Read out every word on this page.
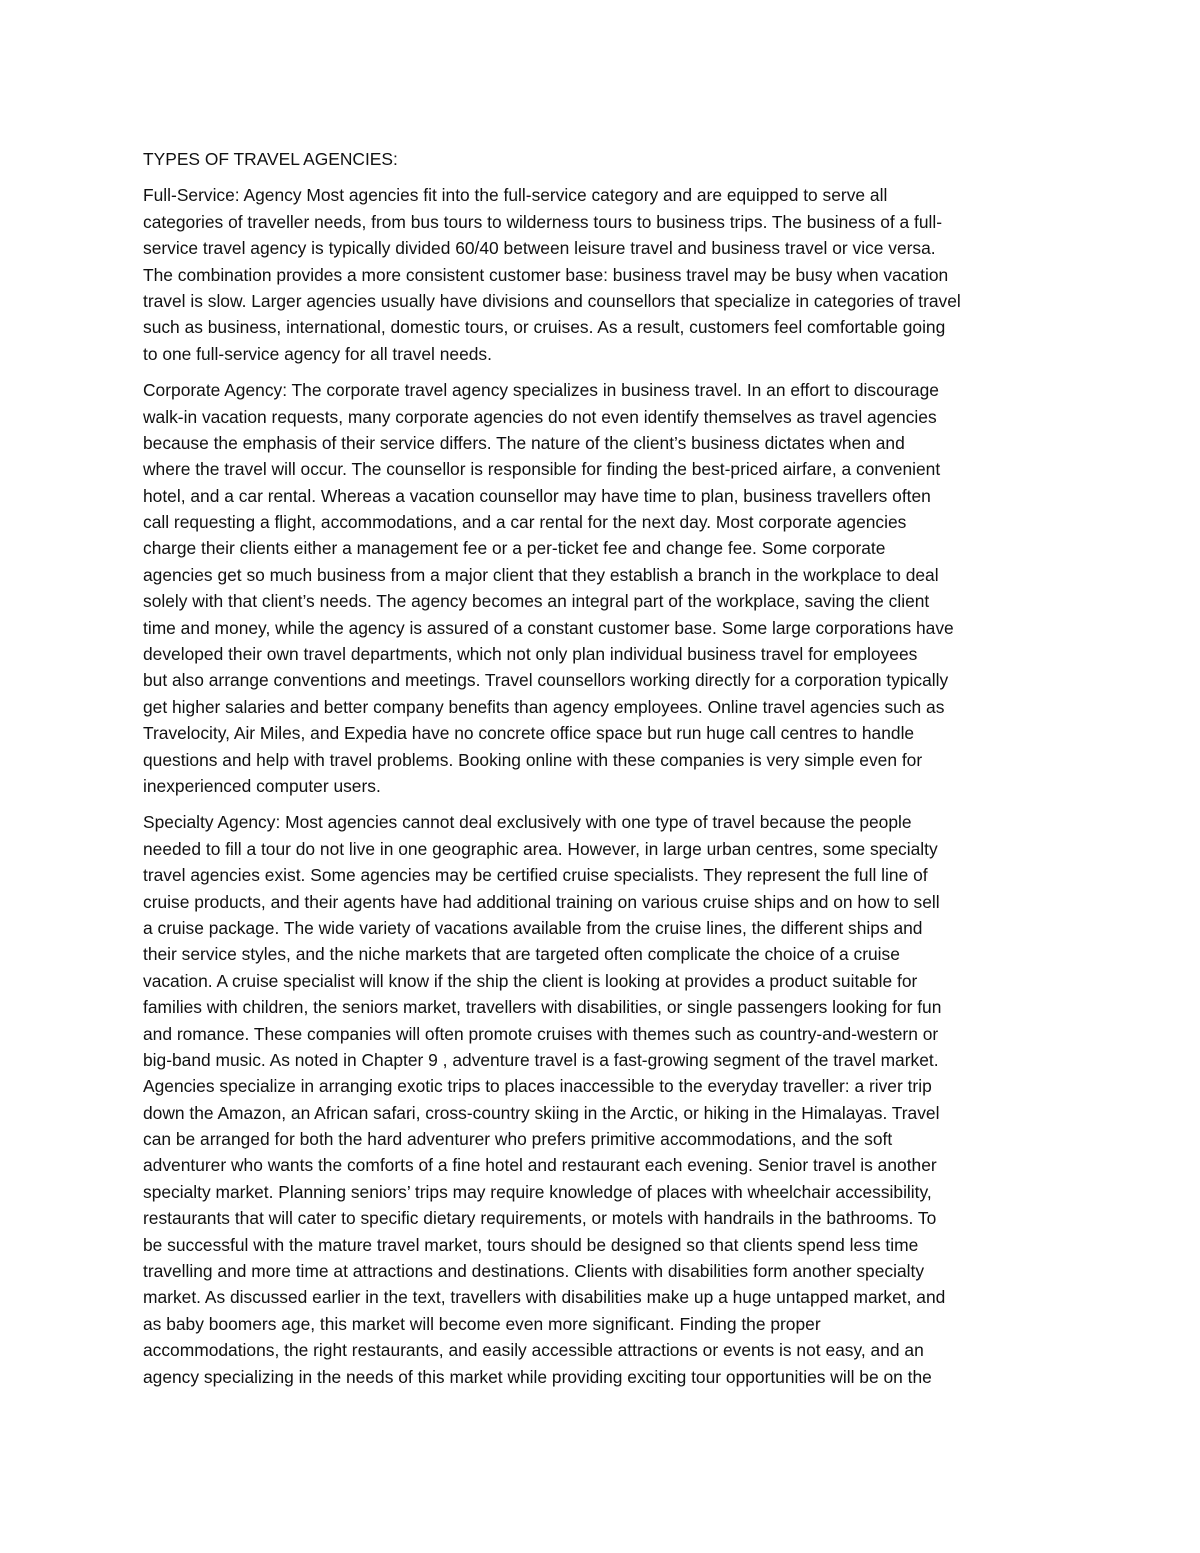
TYPES OF TRAVEL AGENCIES:
Full-Service: Agency Most agencies fit into the full-service category and are equipped to serve all
categories of traveller needs, from bus tours to wilderness tours to business trips. The business of a full-
service travel agency is typically divided 60/40 between leisure travel and business travel or vice versa.
The combination provides a more consistent customer base: business travel may be busy when vacation
travel is slow. Larger agencies usually have divisions and counsellors that specialize in categories of travel
such as business, international, domestic tours, or cruises. As a result, customers feel comfortable going
to one full-service agency for all travel needs.
Corporate Agency: The corporate travel agency specializes in business travel. In an effort to discourage
walk-in vacation requests, many corporate agencies do not even identify themselves as travel agencies
because the emphasis of their service differs. The nature of the client’s business dictates when and
where the travel will occur. The counsellor is responsible for finding the best-priced airfare, a convenient
hotel, and a car rental. Whereas a vacation counsellor may have time to plan, business travellers often
call requesting a flight, accommodations, and a car rental for the next day. Most corporate agencies
charge their clients either a management fee or a per-ticket fee and change fee. Some corporate
agencies get so much business from a major client that they establish a branch in the workplace to deal
solely with that client’s needs. The agency becomes an integral part of the workplace, saving the client
time and money, while the agency is assured of a constant customer base. Some large corporations have
developed their own travel departments, which not only plan individual business travel for employees
but also arrange conventions and meetings. Travel counsellors working directly for a corporation typically
get higher salaries and better company benefits than agency employees. Online travel agencies such as
Travelocity, Air Miles, and Expedia have no concrete office space but run huge call centres to handle
questions and help with travel problems. Booking online with these companies is very simple even for
inexperienced computer users.
Specialty Agency: Most agencies cannot deal exclusively with one type of travel because the people
needed to fill a tour do not live in one geographic area. However, in large urban centres, some specialty
travel agencies exist. Some agencies may be certified cruise specialists. They represent the full line of
cruise products, and their agents have had additional training on various cruise ships and on how to sell
a cruise package. The wide variety of vacations available from the cruise lines, the different ships and
their service styles, and the niche markets that are targeted often complicate the choice of a cruise
vacation. A cruise specialist will know if the ship the client is looking at provides a product suitable for
families with children, the seniors market, travellers with disabilities, or single passengers looking for fun
and romance. These companies will often promote cruises with themes such as country-and-western or
big-band music. As noted in Chapter 9 , adventure travel is a fast-growing segment of the travel market.
Agencies specialize in arranging exotic trips to places inaccessible to the everyday traveller: a river trip
down the Amazon, an African safari, cross-country skiing in the Arctic, or hiking in the Himalayas. Travel
can be arranged for both the hard adventurer who prefers primitive accommodations, and the soft
adventurer who wants the comforts of a fine hotel and restaurant each evening. Senior travel is another
specialty market. Planning seniors’ trips may require knowledge of places with wheelchair accessibility,
restaurants that will cater to specific dietary requirements, or motels with handrails in the bathrooms. To
be successful with the mature travel market, tours should be designed so that clients spend less time
travelling and more time at attractions and destinations. Clients with disabilities form another specialty
market. As discussed earlier in the text, travellers with disabilities make up a huge untapped market, and
as baby boomers age, this market will become even more significant. Finding the proper
accommodations, the right restaurants, and easily accessible attractions or events is not easy, and an
agency specializing in the needs of this market while providing exciting tour opportunities will be on the
